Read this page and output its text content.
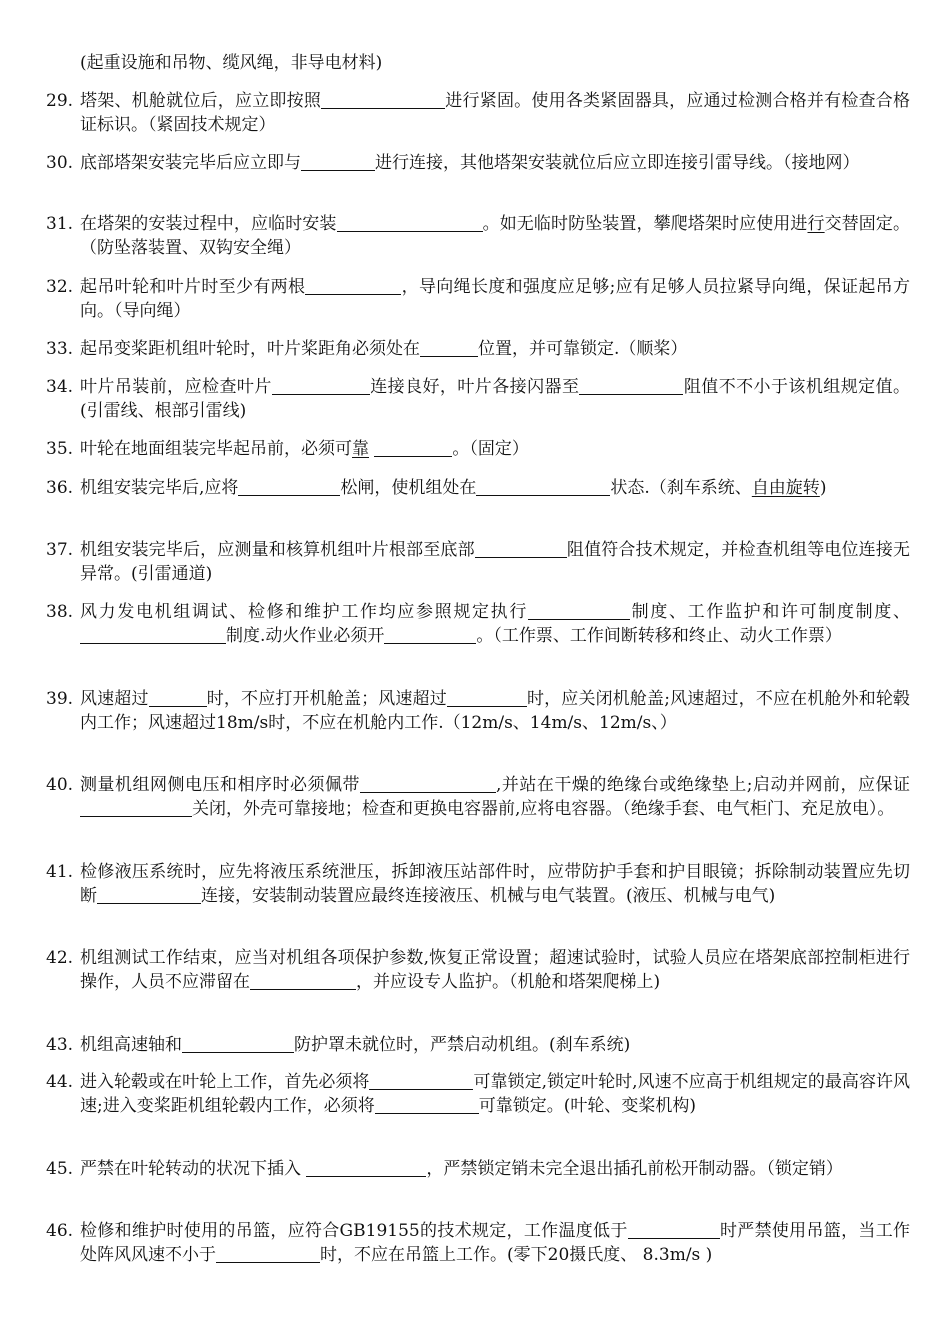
(起重设施和吊物、缆风绳，非导电材料)
29. 塔架、机舱就位后，应立即按照	进行紧固。使用各类紧固器具，应通过检测合格并有检查合格证标识。（紧固技术规定）
30. 底部塔架安装完毕后应立即与	进行连接，其他塔架安装就位后应立即连接引雷导线。（接地网）
31. 在塔架的安装过程中，应临时安装	。如无临时防坠装置，攀爬塔架时应使用进行交替固定。（防坠落装置、双钩安全绳）
32. 起吊叶轮和叶片时至少有两根	，导向绳长度和强度应足够;应有足够人员拉紧导向绳，保证起吊方向。（导向绳）
33. 起吊变桨距机组叶轮时，叶片桨距角必须处在	位置，并可靠锁定.（顺桨）
34. 叶片吊装前，应检查叶片	连接良好，叶片各接闪器至	阻值不不小于该机组规定值。(引雷线、根部引雷线)
35. 叶轮在地面组装完毕起吊前，必须可靠	。（固定）
36. 机组安装完毕后,应将	松闸，使机组处在	状态.（刹车系统、自由旋转)
37. 机组安装完毕后，应测量和核算机组叶片根部至底部	阻值符合技术规定，并检查机组等电位连接无异常。(引雷通道)
38. 风力发电机组调试、检修和维护工作均应参照规定执行	制度、工作监护和许可制度制度、制度.动火作业必须开	。（工作票、工作间断转移和终止、动火工作票）
39. 风速超过	时，不应打开机舱盖；风速超过	时，应关闭机舱盖;风速超过，不应在机舱外和轮毂内工作；风速超过18m/s时，不应在机舱内工作.（12m/s、14m/s、12m/s、）
40. 测量机组网侧电压和相序时必须佩带	,并站在干燥的绝缘台或绝缘垫上;启动并网前，应保证关闭，外壳可靠接地；检查和更换电容器前,应将电容器。（绝缘手套、电气柜门、充足放电）。
41. 检修液压系统时，应先将液压系统泄压，拆卸液压站部件时，应带防护手套和护目眼镜；拆除制动装置应先切断	连接，安装制动装置应最终连接液压、机械与电气装置。(液压、机械与电气)
42. 机组测试工作结束，应当对机组各项保护参数,恢复正常设置；超速试验时，试验人员应在塔架底部控制柜进行操作，人员不应滞留在	，并应设专人监护。（机舱和塔架爬梯上)
43. 机组高速轴和	防护罩未就位时，严禁启动机组。(刹车系统)
44. 进入轮毂或在叶轮上工作，首先必须将	可靠锁定,锁定叶轮时,风速不应高于机组规定的最高容许风速;进入变桨距机组轮毂内工作，必须将	可靠锁定。(叶轮、变桨机构)
45. 严禁在叶轮转动的状况下插入	，严禁锁定销未完全退出插孔前松开制动器。（锁定销）
46. 检修和维护时使用的吊篮，应符合GB19155的技术规定，工作温度低于	时严禁使用吊篮，当工作处阵风风速不小于	时，不应在吊篮上工作。(零下20摄氏度、 8.3m/s )
